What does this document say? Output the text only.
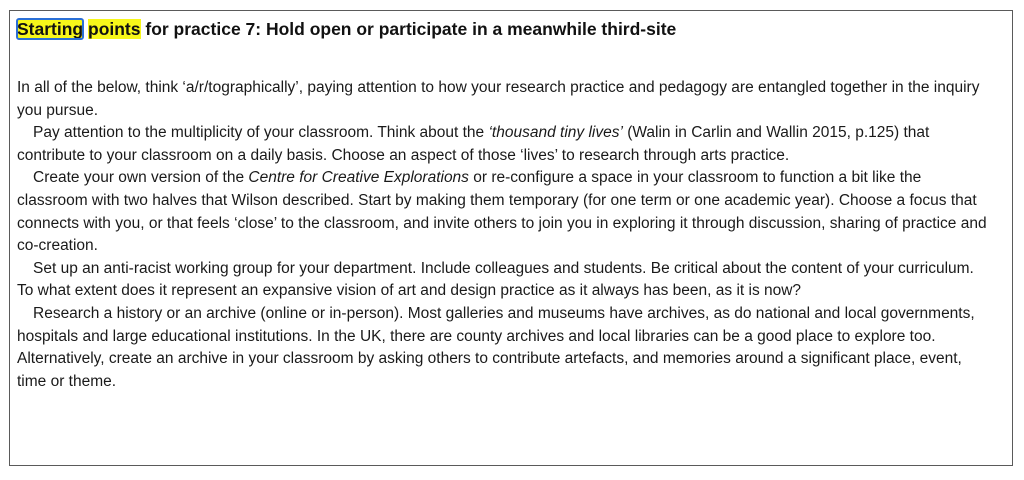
Starting points for practice 7: Hold open or participate in a meanwhile third-site

In all of the below, think ‘a/r/tographically’, paying attention to how your research practice and pedagogy are entangled together in the inquiry you pursue.

Pay attention to the multiplicity of your classroom. Think about the ‘thousand tiny lives’ (Walin in Carlin and Wallin 2015, p.125) that contribute to your classroom on a daily basis. Choose an aspect of those ‘lives’ to research through arts practice.

Create your own version of the Centre for Creative Explorations or re-configure a space in your classroom to function a bit like the classroom with two halves that Wilson described. Start by making them temporary (for one term or one academic year). Choose a focus that connects with you, or that feels ‘close’ to the classroom, and invite others to join you in exploring it through discussion, sharing of practice and co-creation.

Set up an anti-racist working group for your department. Include colleagues and students. Be critical about the content of your curriculum. To what extent does it represent an expansive vision of art and design practice as it always has been, as it is now?

Research a history or an archive (online or in-person). Most galleries and museums have archives, as do national and local governments, hospitals and large educational institutions. In the UK, there are county archives and local libraries can be a good place to explore too. Alternatively, create an archive in your classroom by asking others to contribute artefacts, and memories around a significant place, event, time or theme.
